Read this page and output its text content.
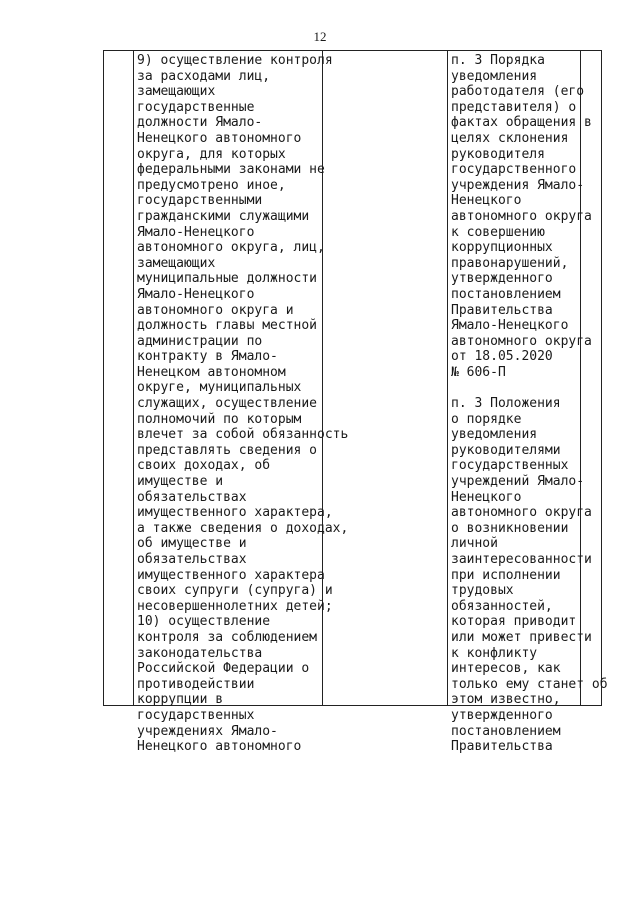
12
9) осуществление контроля
за расходами лиц,
замещающих
государственные
должности Ямало-
Ненецкого автономного
округа, для которых
федеральными законами не
предусмотрено иное,
государственными
гражданскими служащими
Ямало-Ненецкого
автономного округа, лиц,
замещающих
муниципальные должности
Ямало-Ненецкого
автономного округа и
должность главы местной
администрации по
контракту в Ямало-
Ненецком автономном
округе, муниципальных
служащих, осуществление
полномочий по которым
влечет за собой обязанность
представлять сведения о
своих доходах, об
имуществе и
обязательствах
имущественного характера,
а также сведения о доходах,
об имуществе и
обязательствах
имущественного характера
своих супруги (супруга) и
несовершеннолетних детей;
10) осуществление
контроля за соблюдением
законодательства
Российской Федерации о
противодействии
коррупции в
государственных
учреждениях Ямало-
Ненецкого автономного
п. 3 Порядка
уведомления
работодателя (его
представителя) о
фактах обращения в
целях склонения
руководителя
государственного
учреждения Ямало-
Ненецкого
автономного округа
к совершению
коррупционных
правонарушений,
утвержденного
постановлением
Правительства
Ямало-Ненецкого
автономного округа
от 18.05.2020
№ 606-П

п. 3 Положения
о порядке
уведомления
руководителями
государственных
учреждений Ямало-
Ненецкого
автономного округа
о возникновении
личной
заинтересованности
при исполнении
трудовых
обязанностей,
которая приводит
или может привести
к конфликту
интересов, как
только ему станет об
этом известно,
утвержденного
постановлением
Правительства
